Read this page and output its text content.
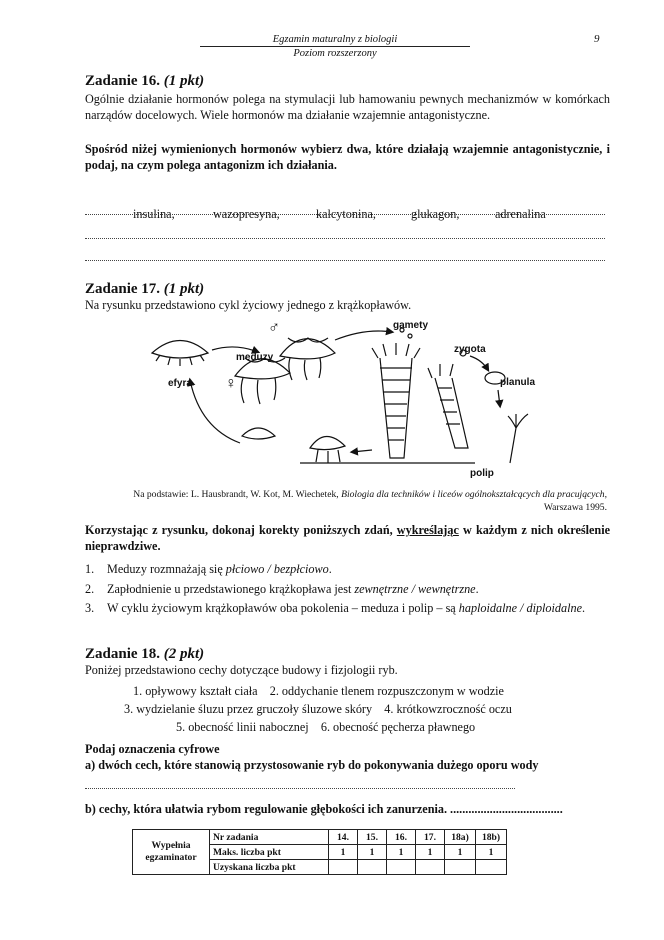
Egzamin maturalny z biologii
Poziom rozszerzony
9
Zadanie 16. (1 pkt)
Ogólnie działanie hormonów polega na stymulacji lub hamowaniu pewnych mechanizmów w komórkach narządów docelowych. Wiele hormonów ma działanie wzajemnie antagonistyczne.
Spośród niżej wymienionych hormonów wybierz dwa, które działają wzajemnie antagonistycznie, i podaj, na czym polega antagonizm ich działania.
insulina,	wazopresyna,	kalcytonina,	glukagon,	adrenalina
Zadanie 17. (1 pkt)
Na rysunku przedstawiono cykl życiowy jednego z krążkopławów.
♂
♀
meduzy
efyra
gamety
zygota
planula
polip
Na podstawie: L. Hausbrandt, W. Kot, M. Wiechetek, Biologia dla techników i liceów ogólnokształcących dla pracujących, Warszawa 1995.
Korzystając z rysunku, dokonaj korekty poniższych zdań, wykreślając w każdym z nich określenie nieprawdziwe.
1. Meduzy rozmnażają się płciowo / bezpłciowo.
2. Zapłodnienie u przedstawionego krążkopława jest zewnętrzne / wewnętrzne.
3. W cyklu życiowym krążkopławów oba pokolenia – meduza i polip – są haploidalne / diploidalne.
Zadanie 18. (2 pkt)
Poniżej przedstawiono cechy dotyczące budowy i fizjologii ryb.
1. opływowy kształt ciała    2. oddychanie tlenem rozpuszczonym w wodzie
3. wydzielanie śluzu przez gruczoły śluzowe skóry    4. krótkowzroczność oczu
5. obecność linii nabocznej    6. obecność pęcherza pławnego
Podaj oznaczenia cyfrowe
a) dwóch cech, które stanowią przystosowanie ryb do pokonywania dużego oporu wody
b) cechy, która ułatwia rybom regulowanie głębokości ich zanurzenia. .....................................
Wypełnia egzaminator	Nr zadania	14.	15.	16.	17.	18a)	18b)
	Maks. liczba pkt	1	1	1	1	1	1
	Uzyskana liczba pkt						
